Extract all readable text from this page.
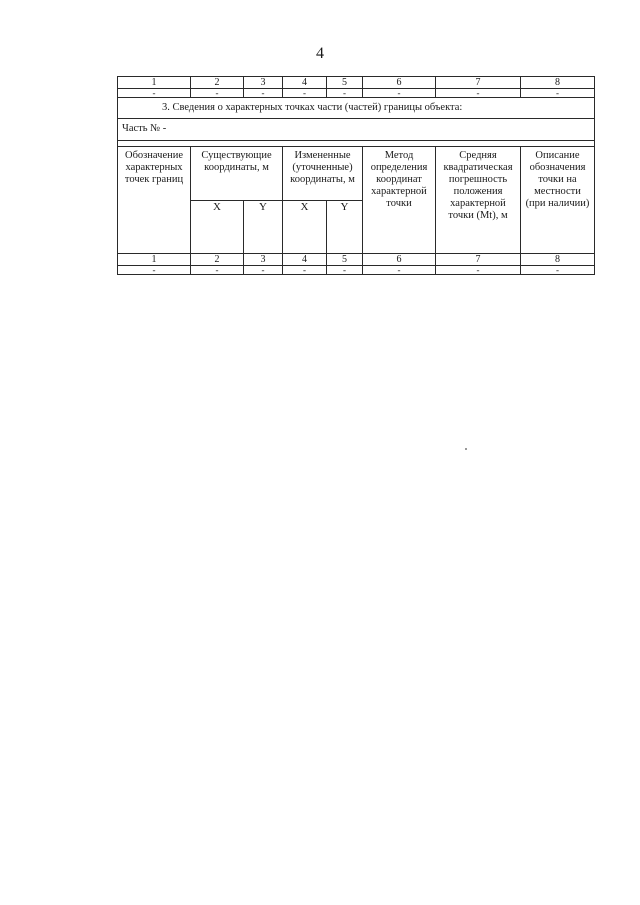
4
1	2	3	4	5	6	7	8
-	-	-	-	-	-	-	-
3. Сведения о характерных точках части (частей) границы объекта:							
Часть № -							

Обозначение характерных точек границ	Существующие координаты, м		Измененные (уточненные) координаты, м		Метод определения координат характерной точки	Средняя квадратическая погрешность положения характерной точки (Mt), м	Описание обозначения точки на местности (при наличии)
	X	Y	X	Y			
1	2	3	4	5	6	7	8
-	-	-	-	-	-	-	-
